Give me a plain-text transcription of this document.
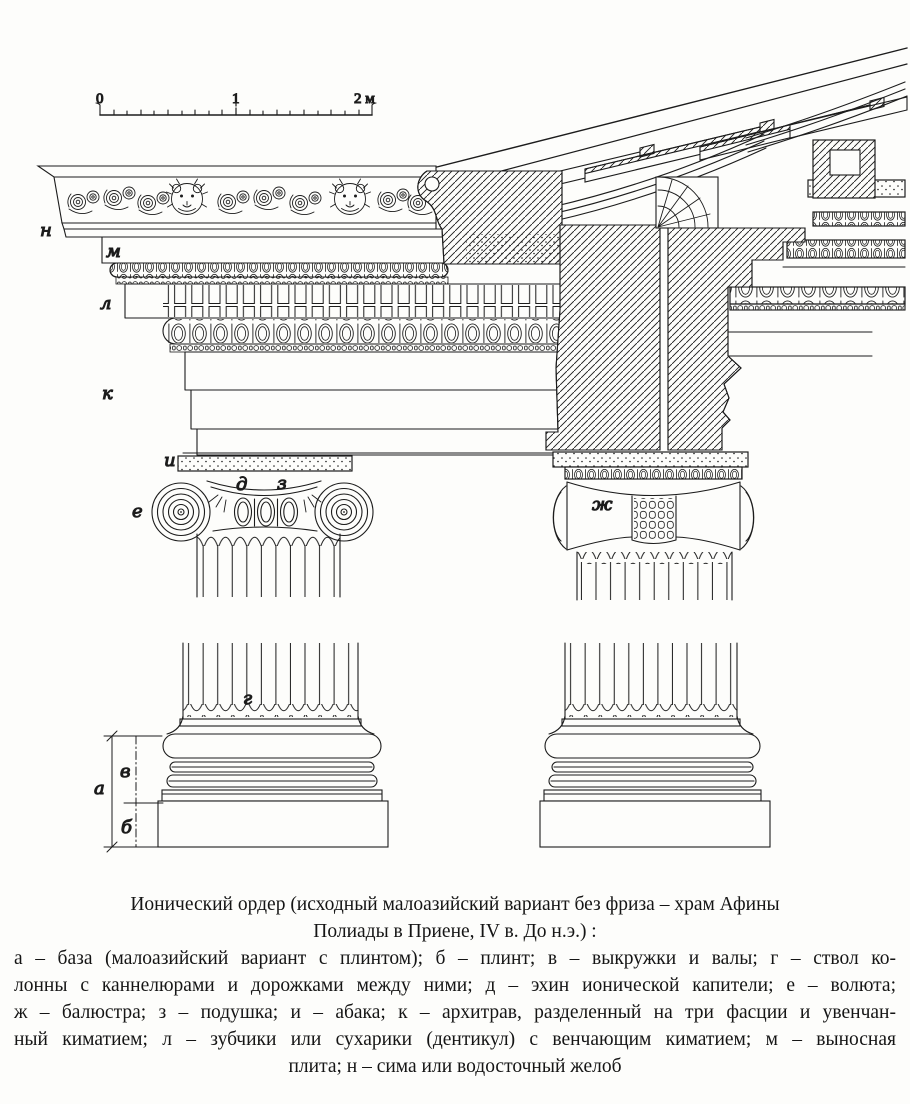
0	1	2 м
н
м
л
к
и
д з
е	ж
г
в
а
б
Ионический ордер (исходный малоазийский вариант без фриза – храм Афины
Полиады в Приене, IV в. До н.э.) :
а – база (малоазийский вариант с плинтом); б – плинт; в – выкружки и валы; г – ствол ко-
лонны с каннелюрами и дорожками между ними; д – эхин ионической капители; е – волюта;
ж – балюстра; з – подушка; и – абака; к – архитрав, разделенный на три фасции и увенчан-
ный киматием; л – зубчики или сухарики (дентикул) с венчающим киматием; м – выносная
плита; н – сима или водосточный желоб
